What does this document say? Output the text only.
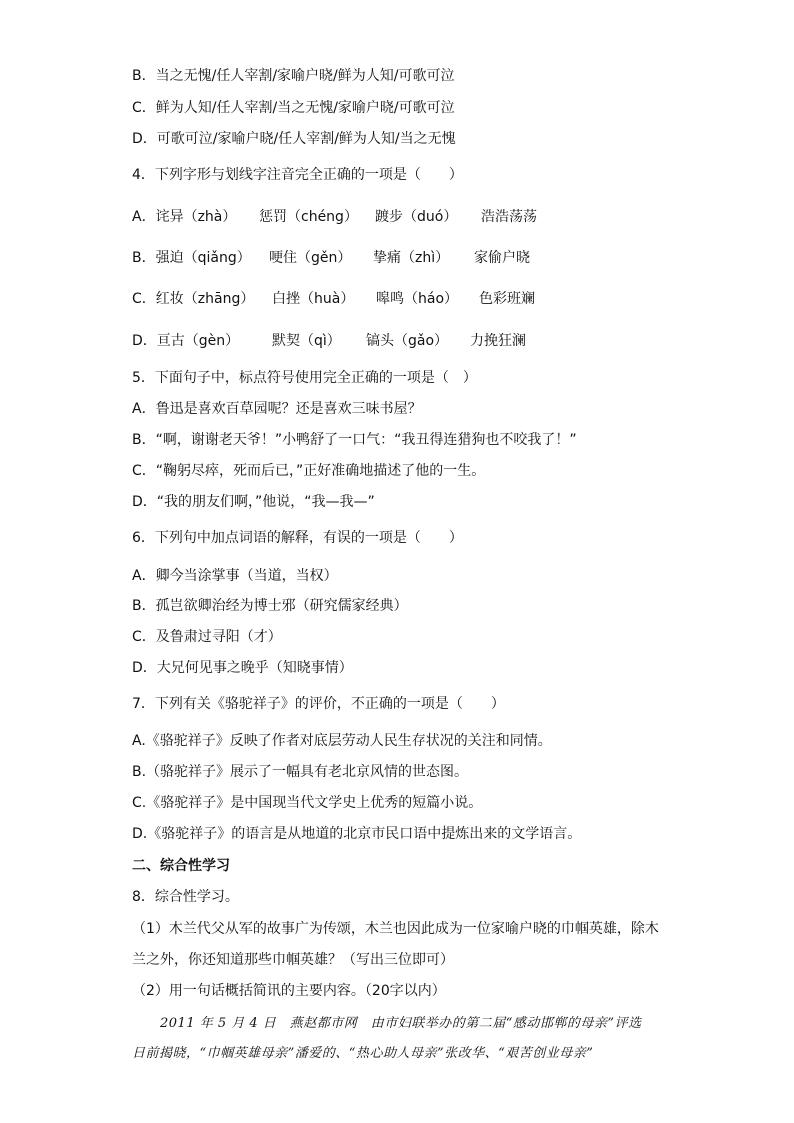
B．当之无愧/任人宰割/家喻户晓/鲜为人知/可歌可泣
C．鲜为人知/任人宰割/当之无愧/家喻户晓/可歌可泣
D．可歌可泣/家喻户晓/任人宰割/鲜为人知/当之无愧
4．下列字形与划线字注音完全正确的一项是（　　）
A．诧异（zhà） 惩罚（chéng） 踱步（duó） 浩浩荡荡
B．强迫（qiǎng） 哽住（gěn） 挚痛（zhì） 家偷户晓
C．红妆（zhāng） 白挫（huà） 嗥鸣（háo） 色彩班斓
D．亘古（gèn） 默契（qì） 镐头（gǎo） 力挽狂澜
5．下面句子中，标点符号使用完全正确的一项是（　）
A．鲁迅是喜欢百草园呢？还是喜欢三味书屋？
B．“啊，谢谢老天爷！”小鸭舒了一口气：“我丑得连猎狗也不咬我了！”
C．“鞠躬尽瘁，死而后已，”正好准确地描述了他的一生。
D．“我的朋友们啊，”他说，“我—我—”
6．下列句中加点词语的解释，有误的一项是（　　）
A．卿今当涂掌事（当道，当权）
B．孤岂欲卿治经为博士邪（研究儒家经典）
C．及鲁肃过寻阳（才）
D．大兄何见事之晚乎（知晓事情）
7．下列有关《骆驼祥子》的评价，不正确的一项是（　　）
A.《骆驼祥子》反映了作者对底层劳动人民生存状况的关注和同情。
B.（骆驼祥子》展示了一幅具有老北京风情的世态图。
C.《骆驼祥子》是中国现当代文学史上优秀的短篇小说。
D.《骆驼祥子》的语言是从地道的北京市民口语中提炼出来的文学语言。
二、综合性学习
8．综合性学习。
（1）木兰代父从军的故事广为传颂，木兰也因此成为一位家喻户晓的巾帼英雄，除木
兰之外，你还知道那些巾帼英雄？（写出三位即可）
（2）用一句话概括简讯的主要内容。（20字以内）
2011 年 5 月 4 日　燕赵都市网　由市妇联举办的第二届“感动邯郸的母亲”评选
日前揭晓，“巾帼英雄母亲”潘爱的、“热心助人母亲”张改华、“艰苦创业母亲”
